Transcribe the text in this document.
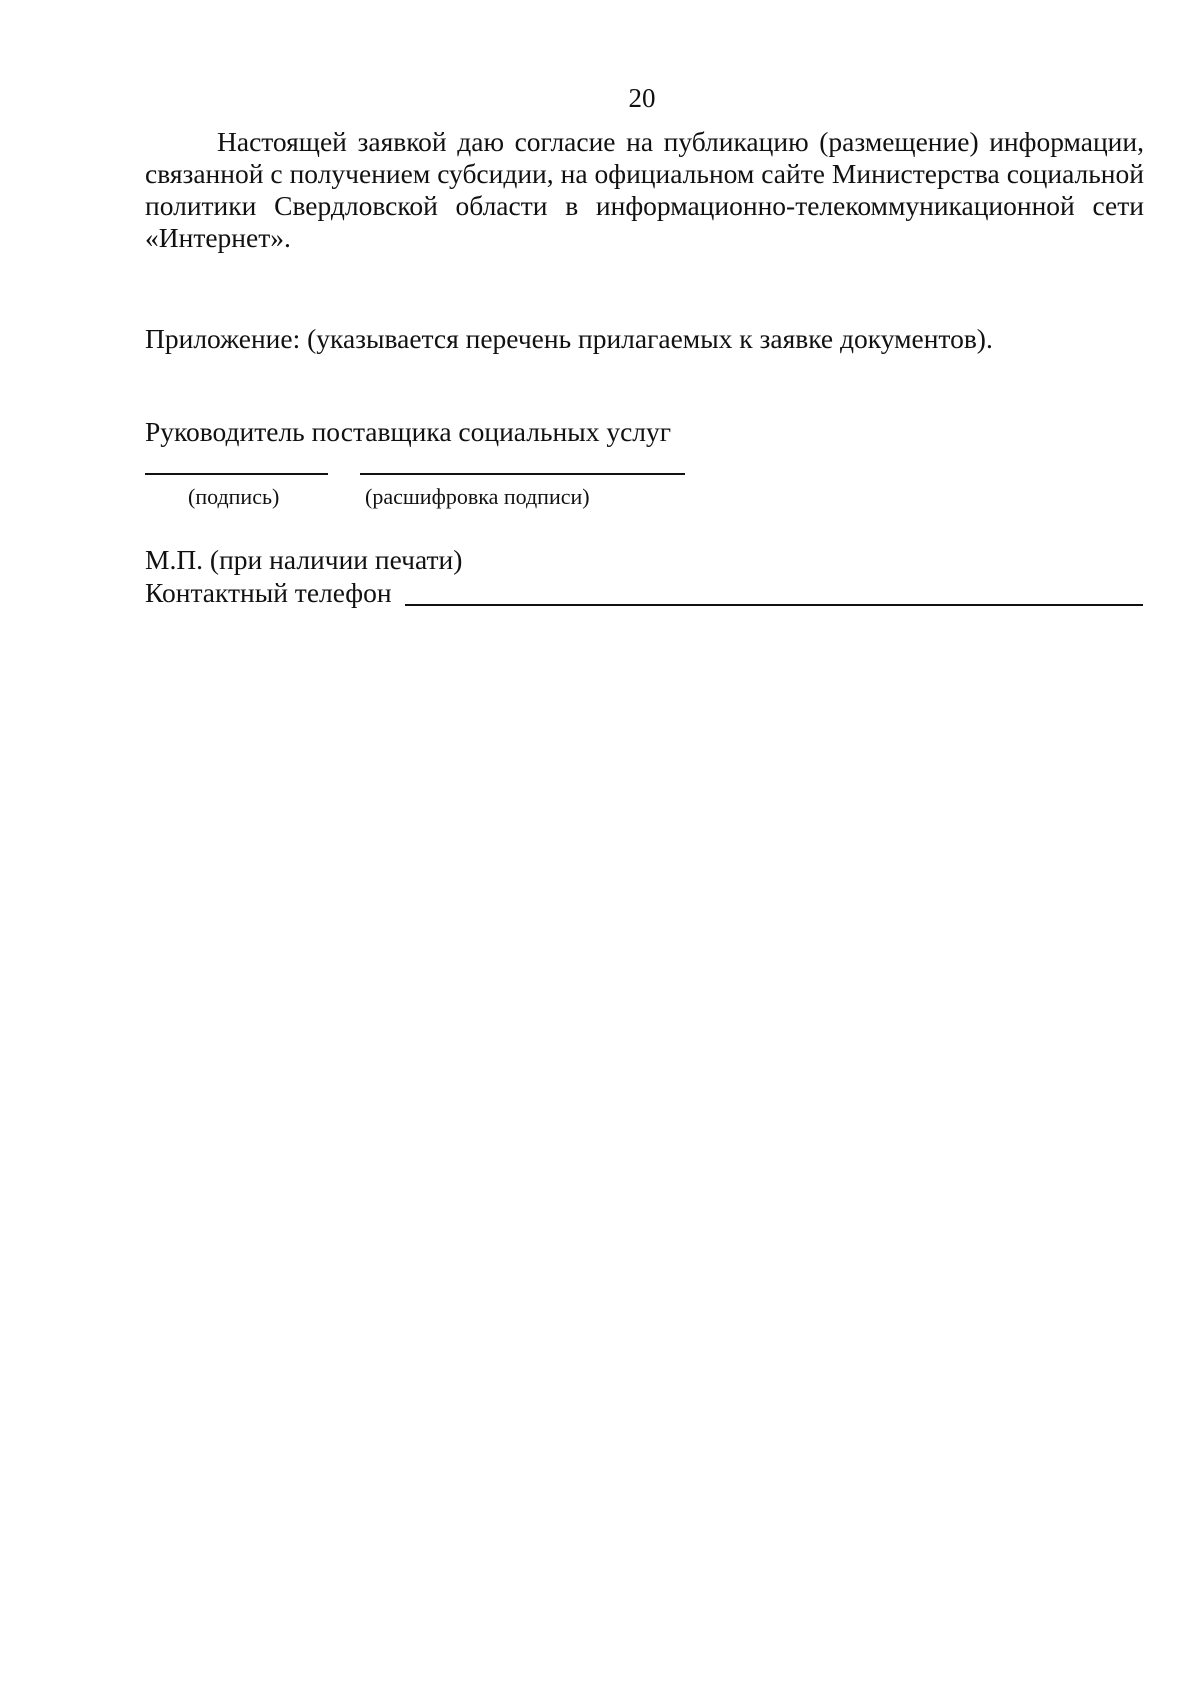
20

Настоящей заявкой даю согласие на публикацию (размещение) информации, связанной с получением субсидии, на официальном сайте Министерства социальной политики Свердловской области в информационно-телекоммуникационной сети «Интернет».

Приложение: (указывается перечень прилагаемых к заявке документов).

Руководитель поставщика социальных услуг

(подпись)	(расшифровка подписи)

М.П. (при наличии печати)

Контактный телефон
